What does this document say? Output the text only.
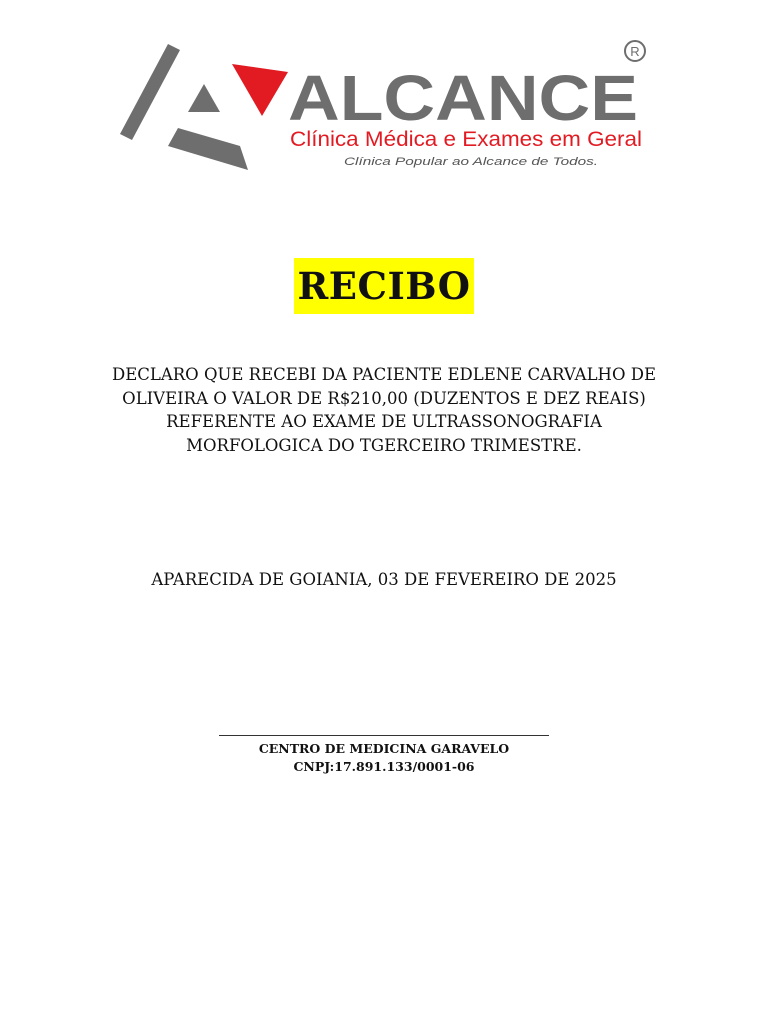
ALCANCE
R
Clínica Médica e Exames em Geral
Clínica Popular ao Alcance de Todos.
RECIBO

DECLARO QUE RECEBI DA PACIENTE EDLENE CARVALHO DE OLIVEIRA O VALOR DE R$210,00 (DUZENTOS E DEZ REAIS) REFERENTE AO EXAME DE ULTRASSONOGRAFIA MORFOLOGICA DO TGERCEIRO TRIMESTRE.

APARECIDA DE GOIANIA, 03 DE FEVEREIRO DE 2025

CENTRO DE MEDICINA GARAVELO

CNPJ:17.891.133/0001-06
